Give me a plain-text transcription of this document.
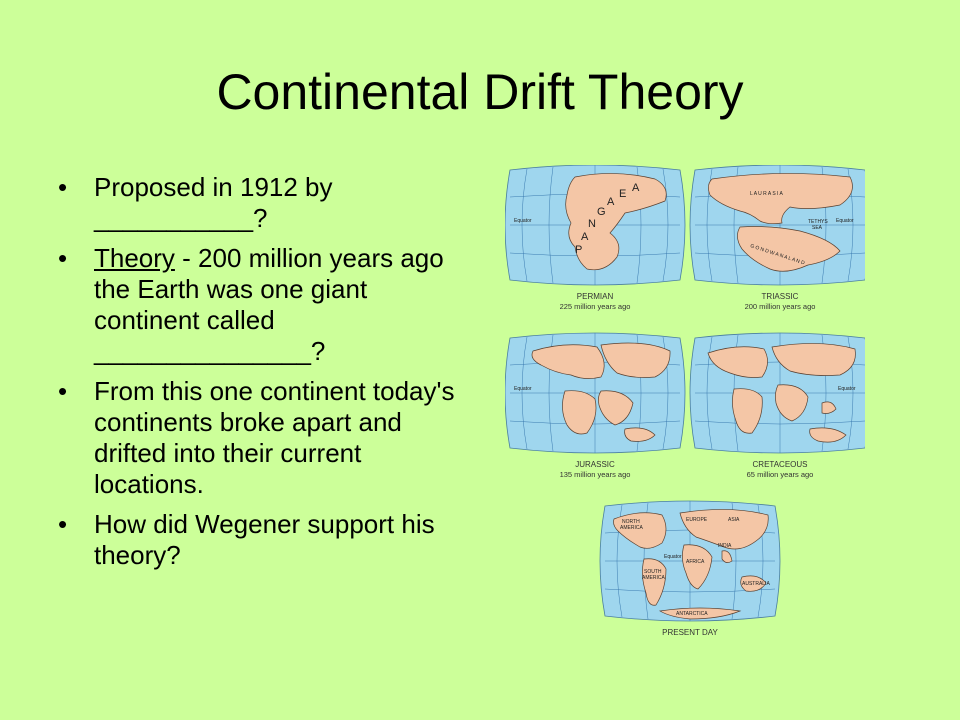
Continental Drift Theory
• Proposed in 1912 by
___________?
• Theory - 200 million years ago the Earth was one giant continent called _______________?
• From this one continent today's continents broke apart and drifted into their current locations.
• How did Wegener support his theory?
Equator
P
A
N
G
A
E A
PERMIAN
225 million years ago
L A U R A S I A
TETHYS
SEA
Equator
G O N D W A N A L A N D
TRIASSIC
200 million years ago
Equator
JURASSIC
135 million years ago
Equator
CRETACEOUS
65 million years ago
NORTH
AMERICA
EUROPE	ASIA
AFRICA
SOUTH
AMERICA
INDIA
AUSTRALIA
ANTARCTICA
Equator
PRESENT DAY
